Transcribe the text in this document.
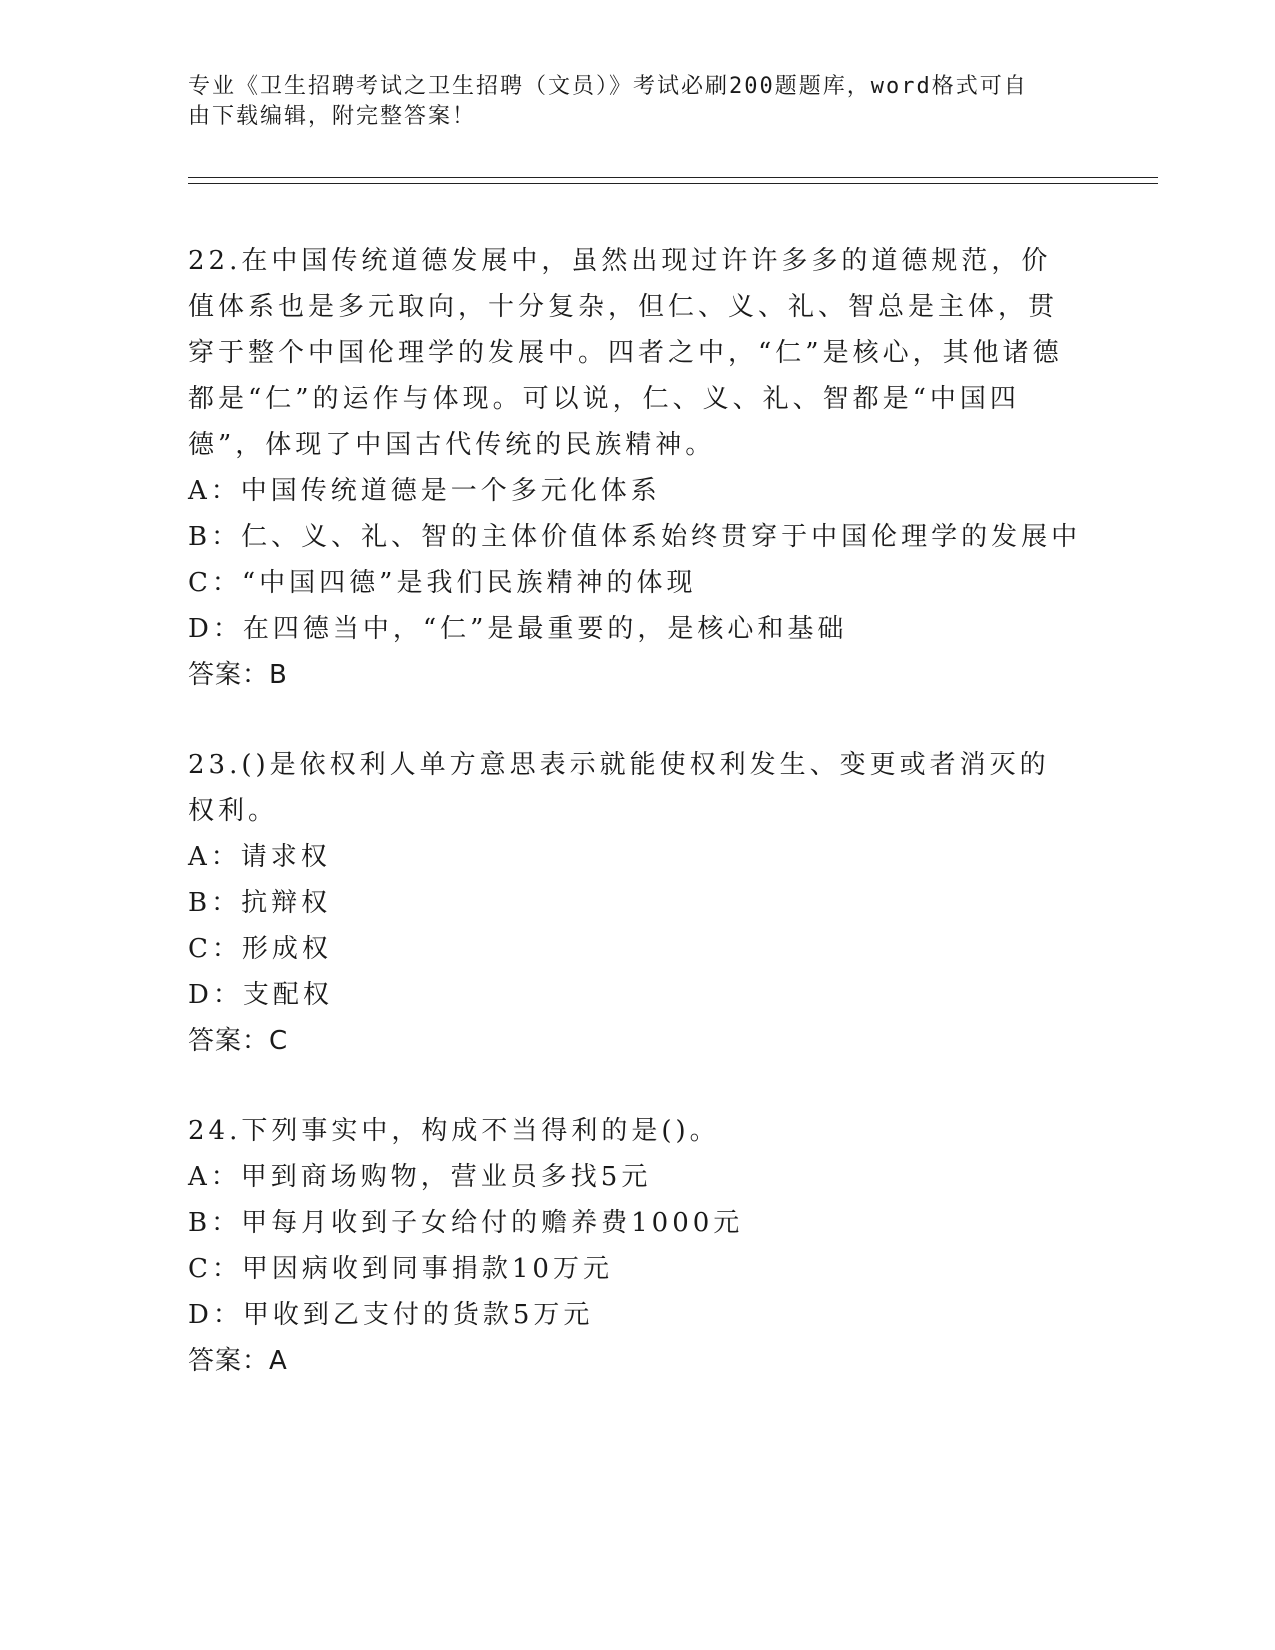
专业《卫生招聘考试之卫生招聘（文员）》考试必刷200题题库，word格式可自
由下载编辑，附完整答案！
22.在中国传统道德发展中，虽然出现过许许多多的道德规范，价值体系也是多元取向，十分复杂，但仁、义、礼、智总是主体，贯穿于整个中国伦理学的发展中。四者之中，“仁”是核心，其他诸德都是“仁”的运作与体现。可以说，仁、义、礼、智都是“中国四德”，体现了中国古代传统的民族精神。
A：中国传统道德是一个多元化体系
B：仁、义、礼、智的主体价值体系始终贯穿于中国伦理学的发展中
C：“中国四德”是我们民族精神的体现
D：在四德当中，“仁”是最重要的，是核心和基础
答案：B
23.()是依权利人单方意思表示就能使权利发生、变更或者消灭的权利。
A：请求权
B：抗辩权
C：形成权
D：支配权
答案：C
24.下列事实中，构成不当得利的是()。
A：甲到商场购物，营业员多找5元
B：甲每月收到子女给付的赡养费1000元
C：甲因病收到同事捐款10万元
D：甲收到乙支付的货款5万元
答案：A
